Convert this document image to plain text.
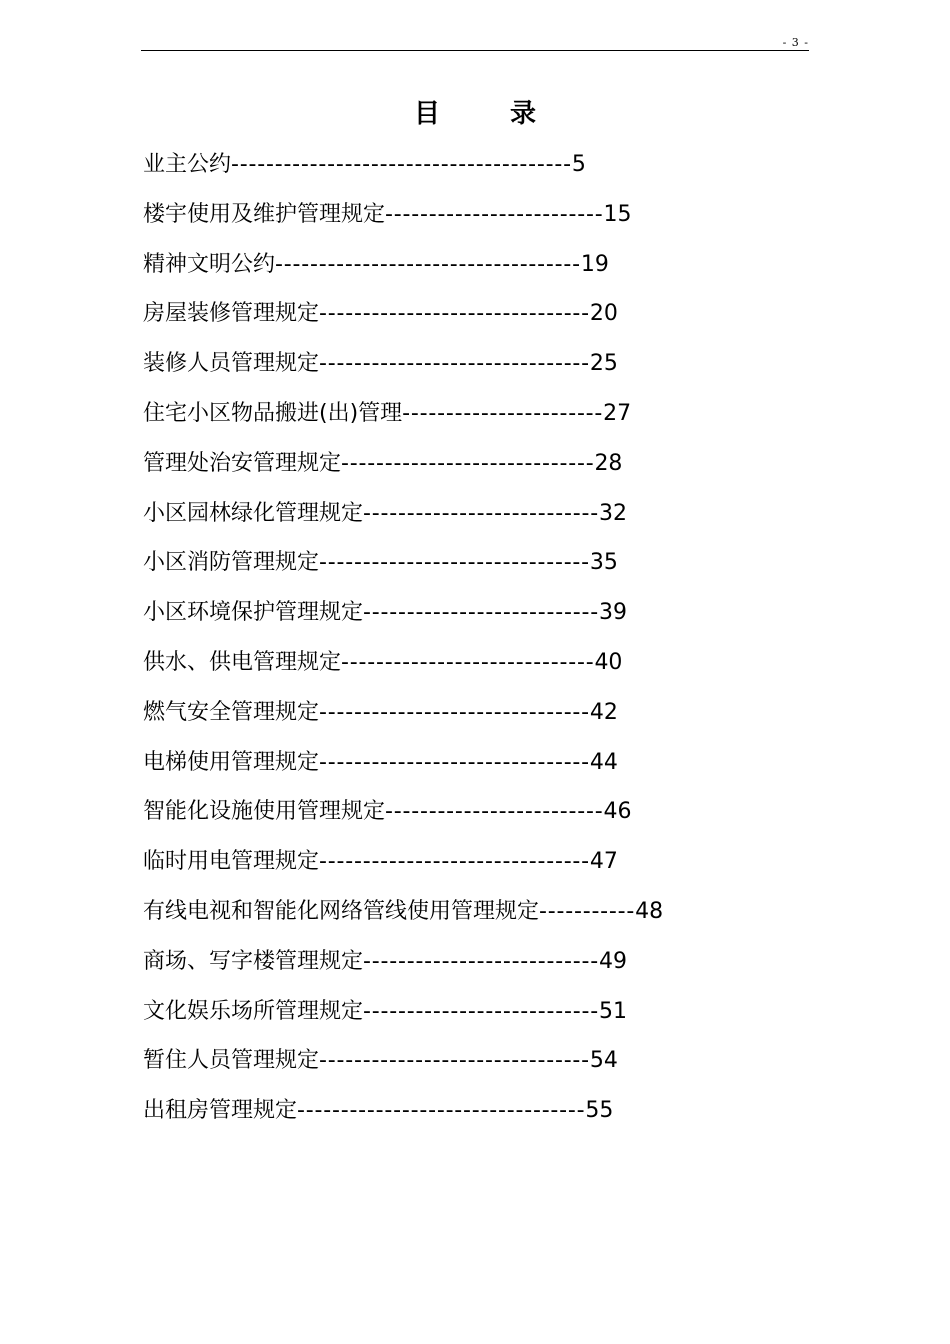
- 3 -
目	录
业主公约---------------------------------------5
楼宇使用及维护管理规定-------------------------15
精神文明公约-----------------------------------19
房屋装修管理规定-------------------------------20
装修人员管理规定-------------------------------25
住宅小区物品搬进(出)管理-----------------------27
管理处治安管理规定-----------------------------28
小区园林绿化管理规定---------------------------32
小区消防管理规定-------------------------------35
小区环境保护管理规定---------------------------39
供水、供电管理规定-----------------------------40
燃气安全管理规定-------------------------------42
电梯使用管理规定-------------------------------44
智能化设施使用管理规定-------------------------46
临时用电管理规定-------------------------------47
有线电视和智能化网络管线使用管理规定-----------48
商场、写字楼管理规定---------------------------49
文化娱乐场所管理规定---------------------------51
暂住人员管理规定-------------------------------54
出租房管理规定---------------------------------55
